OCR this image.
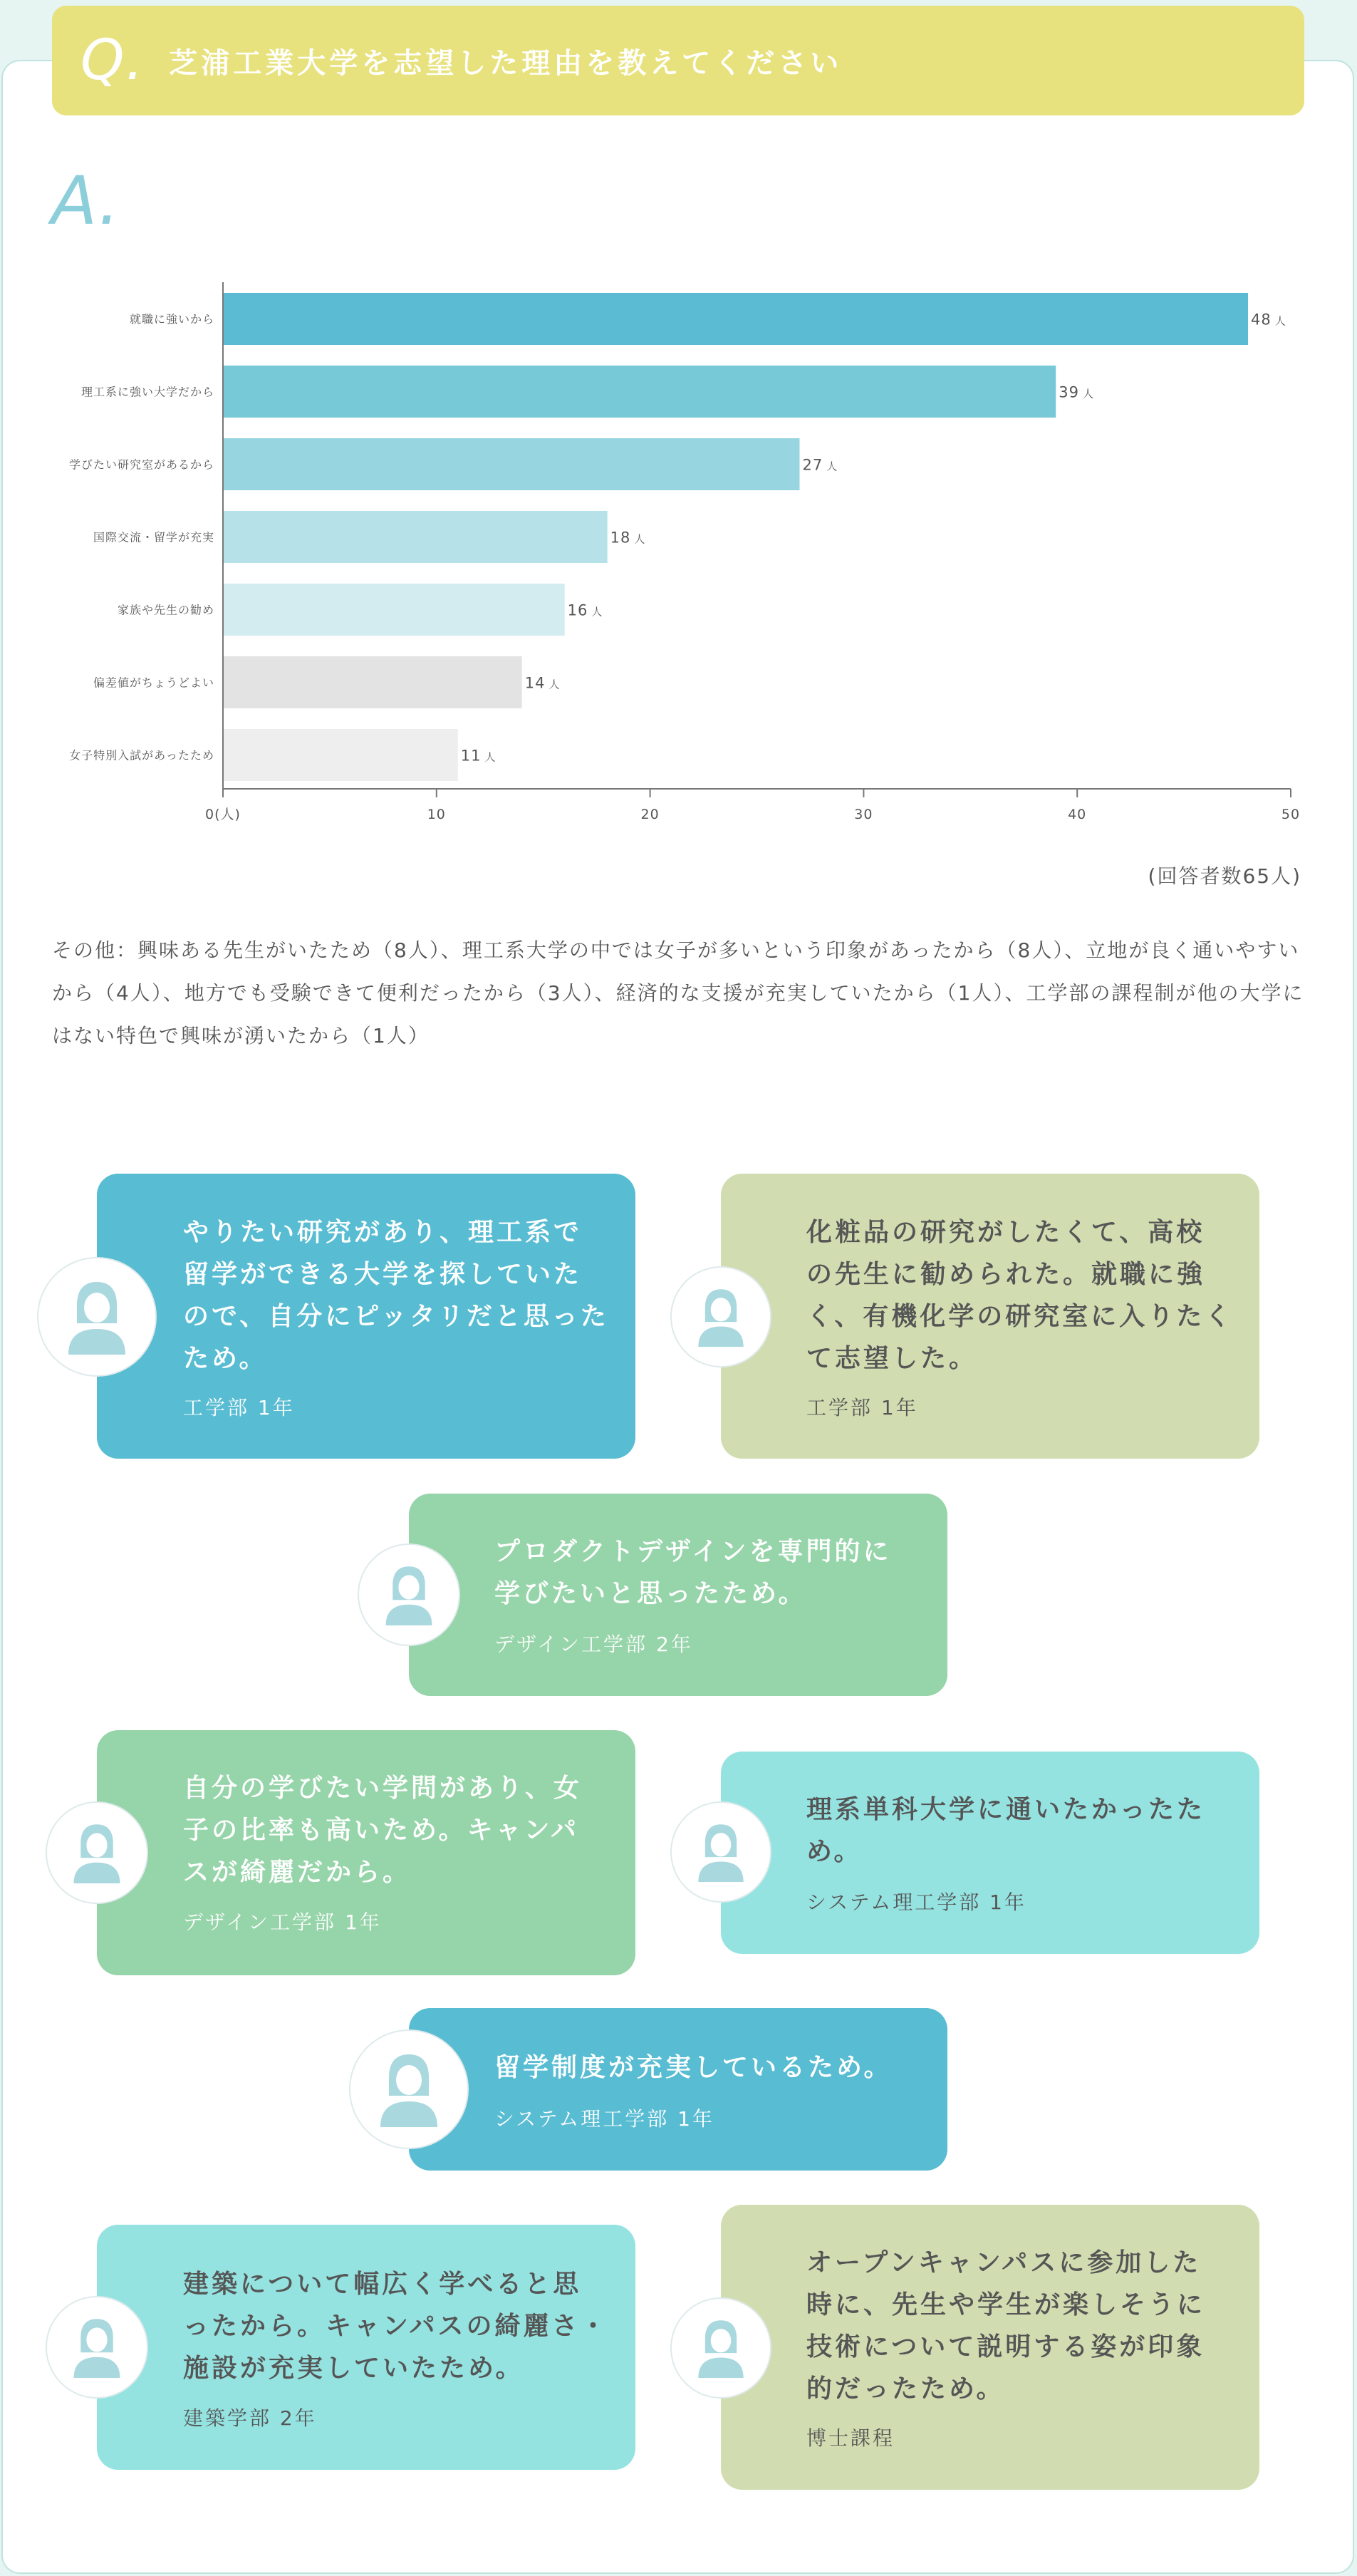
Q. 芝浦工業大学を志望した理由を教えてください
A.
就職に強いから	48 人
理工系に強い大学だから	39 人
学びたい研究室があるから	27 人
国際交流・留学が充実	18 人
家族や先生の勧め	16 人
偏差値がちょうどよい	14 人
女子特別入試があったため	11 人
0(人)	10	20	30	40	50
(回答者数65人)
その他：興味ある先生がいたため（8人）、理工系大学の中では女子が多いという印象があったから（8人）、立地が良く通いやすいから（4人）、地方でも受験できて便利だったから（3人）、経済的な支援が充実していたから（1人）、工学部の課程制が他の大学にはない特色で興味が湧いたから（1人）
やりたい研究があり、理工系で
留学ができる大学を探していた
ので、自分にピッタリだと思った
ため。
工学部 1年
化粧品の研究がしたくて、高校
の先生に勧められた。就職に強
く、有機化学の研究室に入りたく
て志望した。
工学部 1年
プロダクトデザインを専門的に
学びたいと思ったため。
デザイン工学部 2年
自分の学びたい学問があり、女
子の比率も高いため。キャンパ
スが綺麗だから。
デザイン工学部 1年
理系単科大学に通いたかったた
め。
システム理工学部 1年
留学制度が充実しているため。
システム理工学部 1年
建築について幅広く学べると思
ったから。キャンパスの綺麗さ・
施設が充実していたため。
建築学部 2年
オープンキャンパスに参加した
時に、先生や学生が楽しそうに
技術について説明する姿が印象
的だったため。
博士課程
